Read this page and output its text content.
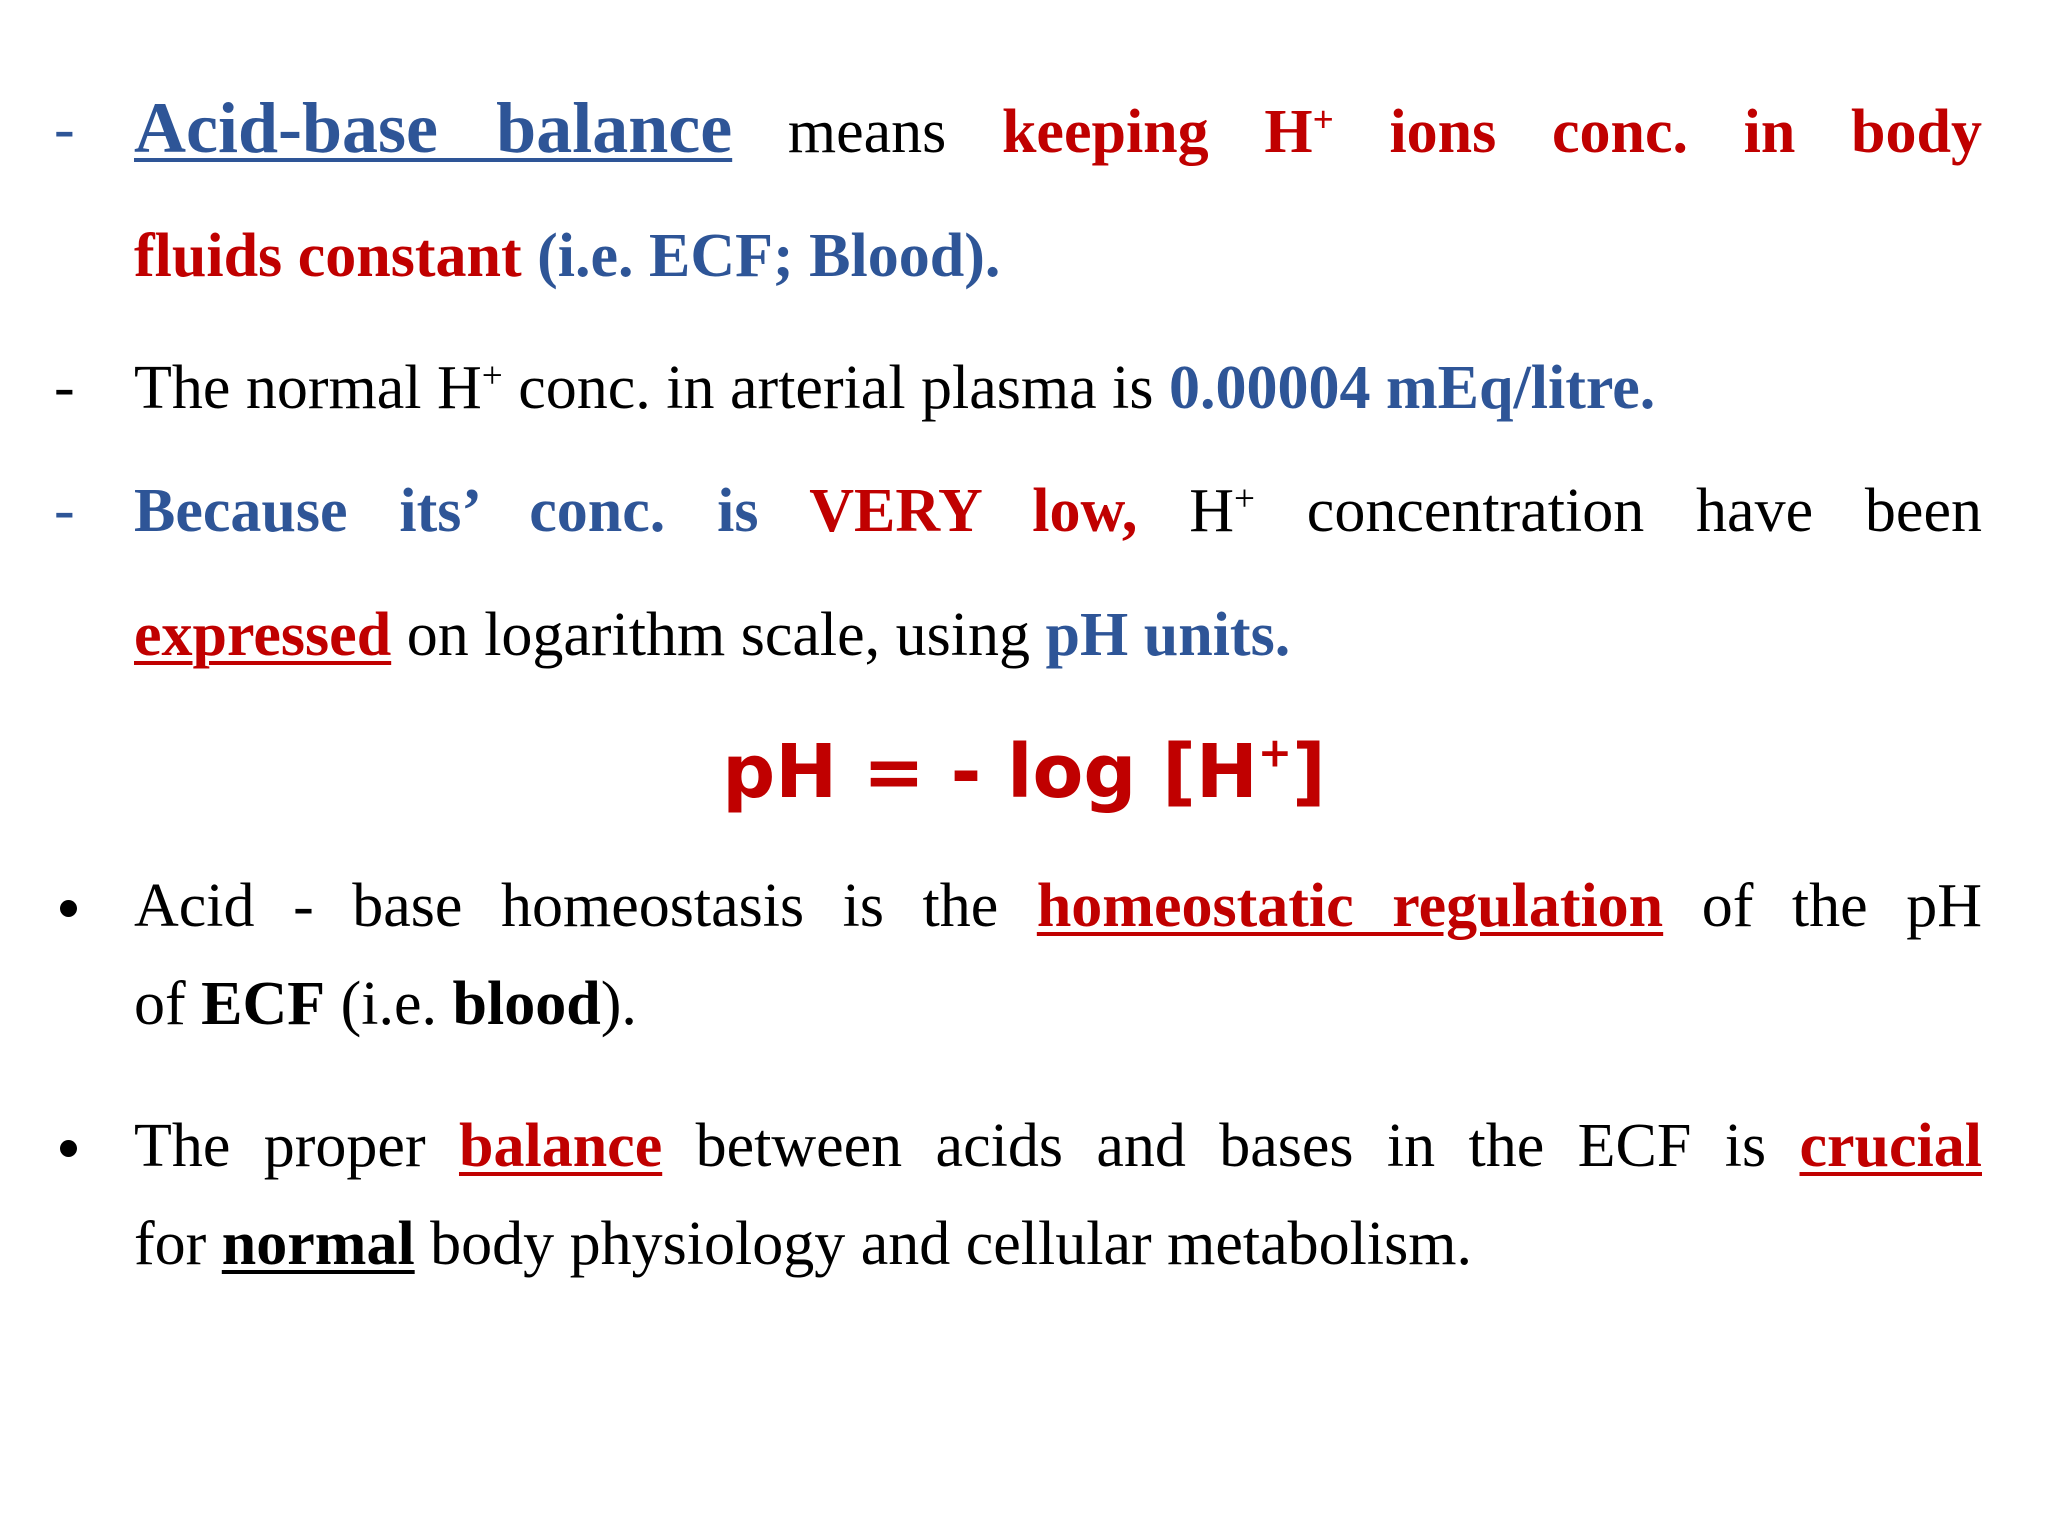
- Acid-base balance means keeping H+ ions conc. in body
fluids constant (i.e. ECF; Blood).
- The normal H+ conc. in arterial plasma is 0.00004 mEq/litre.
- Because its’ conc. is VERY low, H+ concentration have been
expressed on logarithm scale, using pH units.
pH = - log [H+]
Acid - base homeostasis is the homeostatic regulation of the pH
of ECF (i.e. blood).
The proper balance between acids and bases in the ECF is crucial
for normal body physiology and cellular metabolism.
